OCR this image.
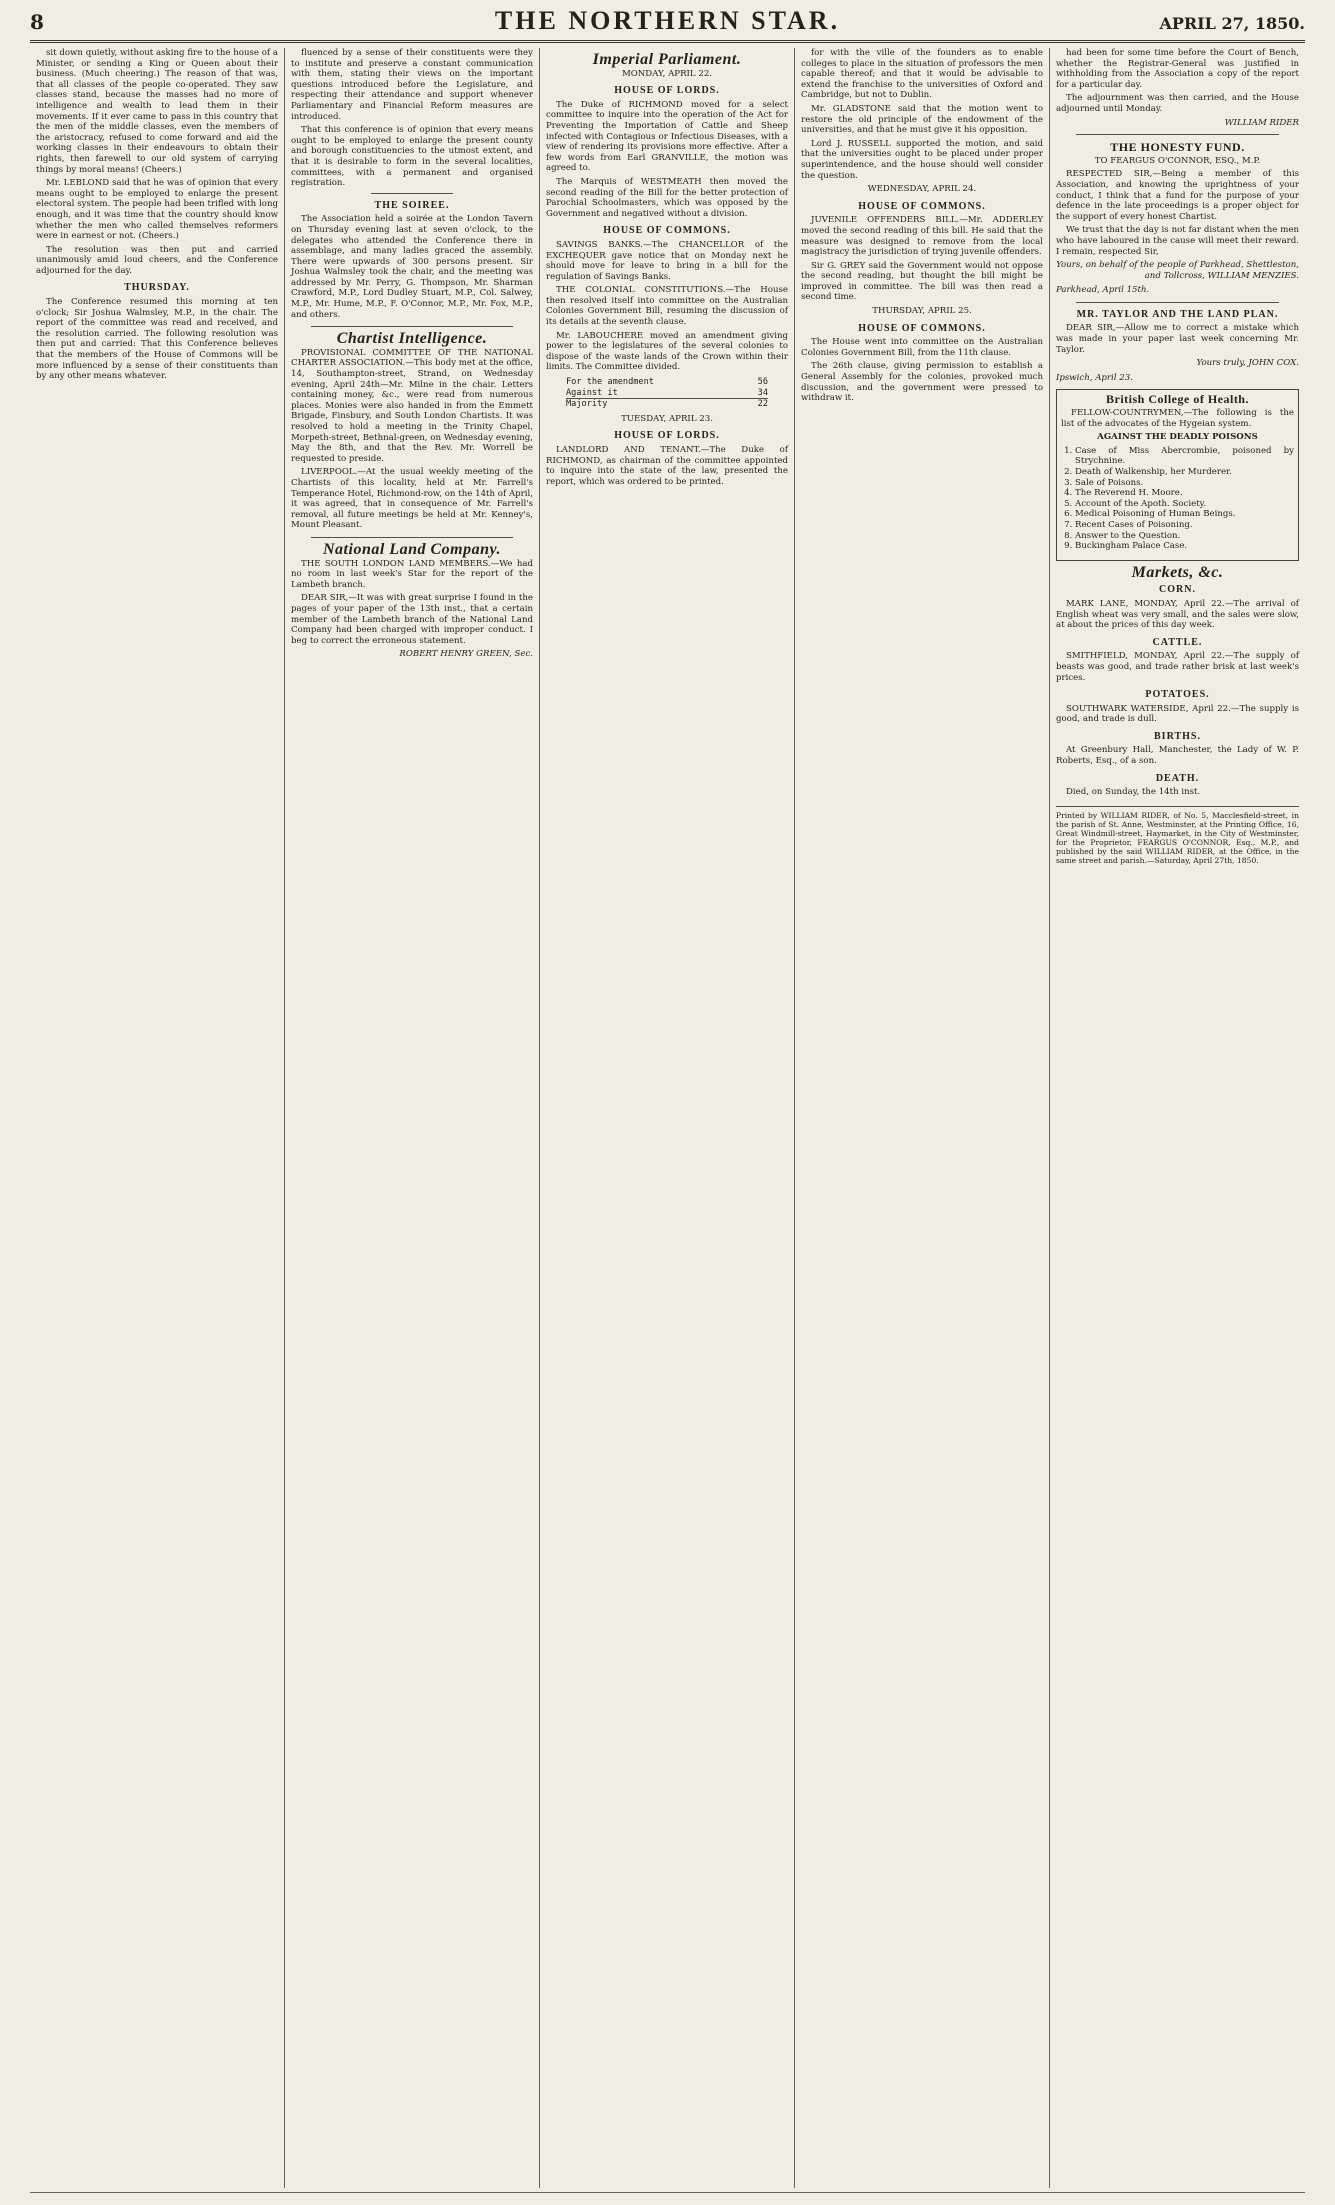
8	THE NORTHERN STAR.	APRIL 27, 1850.

sit down quietly, without asking fire to the house of a Minister, or sending a King or Queen about their business. (Much cheering.) The reason of that was, that all classes of the people co-operated. They saw classes stand, because the masses had no more of intelligence and wealth to lead them in their movements. If it ever came to pass in this country that the men of the middle classes, even the members of the aristocracy, refused to come forward and aid the working classes in their endeavours to obtain their rights, then farewell to our old system of carrying things by moral means! (Cheers.)

Mr. LEBLOND said that he was of opinion that every means ought to be employed to enlarge the present electoral system. The people had been trifled with long enough, and it was time that the country should know whether the men who called themselves reformers were in earnest or not. (Cheers.)

The resolution was then put and carried unanimously amid loud cheers, and the Conference adjourned for the day.

THURSDAY.

The Conference resumed this morning at ten o'clock; Sir Joshua Walmsley, M.P., in the chair. The report of the committee was read and received, and the resolution carried. The following resolution was then put and carried: That this Conference believes that the members of the House of Commons will be more influenced by a sense of their constituents than by any other means whatever.

fluenced by a sense of their constituents were they to institute and preserve a constant communication with them, stating their views on the important questions introduced before the Legislature, and respecting their attendance and support whenever Parliamentary and Financial Reform measures are introduced.

That this conference is of opinion that every means ought to be employed to enlarge the present county and borough constituencies to the utmost extent, and that it is desirable to form in the several localities, committees, with a permanent and organised registration.

THE SOIREE.

The Association held a soirée at the London Tavern on Thursday evening last at seven o'clock, to the delegates who attended the Conference there in assemblage, and many ladies graced the assembly. There were upwards of 300 persons present. Sir Joshua Walmsley took the chair, and the meeting was addressed by Mr. Perry, G. Thompson, Mr. Sharman Crawford, M.P., Lord Dudley Stuart, M.P., Col. Salwey, M.P., Mr. Hume, M.P., F. O'Connor, M.P., Mr. Fox, M.P., and others.

Chartist Intelligence.

PROVISIONAL COMMITTEE OF THE NATIONAL CHARTER ASSOCIATION.—This body met at the office, 14, Southampton-street, Strand, on Wednesday evening, April 24th—Mr. Milne in the chair. Letters containing money, &c., were read from numerous places. Monies were also handed in from the Emmett Brigade, Finsbury, and South London Chartists. It was resolved to hold a meeting in the Trinity Chapel, Morpeth-street, Bethnal-green, on Wednesday evening, May the 8th, and that the Rev. Mr. Worrell be requested to preside.

LIVERPOOL.—At the usual weekly meeting of the Chartists of this locality, held at Mr. Farrell's Temperance Hotel, Richmond-row, on the 14th of April, it was agreed, that in consequence of Mr. Farrell's removal, all future meetings be held at Mr. Kenney's, Mount Pleasant.

National Land Company.

THE SOUTH LONDON LAND MEMBERS.—We had no room in last week's Star for the report of the Lambeth branch.

DEAR SIR,—It was with great surprise I found in the pages of your paper of the 13th inst., that a certain member of the Lambeth branch of the National Land Company had been charged with improper conduct. I beg to correct the erroneous statement.

ROBERT HENRY GREEN, Sec.
Imperial Parliament.
MONDAY, APRIL 22.
HOUSE OF LORDS.

The Duke of RICHMOND moved for a select committee to inquire into the operation of the Act for Preventing the Importation of Cattle and Sheep infected with Contagious or Infectious Diseases, with a view of rendering its provisions more effective. After a few words from Earl GRANVILLE, the motion was agreed to.

The Marquis of WESTMEATH then moved the second reading of the Bill for the better protection of Parochial Schoolmasters, which was opposed by the Government and negatived without a division.

HOUSE OF COMMONS.

SAVINGS BANKS.—The CHANCELLOR of the EXCHEQUER gave notice that on Monday next he should move for leave to bring in a bill for the regulation of Savings Banks.

THE COLONIAL CONSTITUTIONS.—The House then resolved itself into committee on the Australian Colonies Government Bill, resuming the discussion of its details at the seventh clause.

Mr. LABOUCHERE moved an amendment giving power to the legislatures of the several colonies to dispose of the waste lands of the Crown within their limits. The Committee divided.

For the amendment	56
Against it	34
Majority	22
TUESDAY, APRIL 23.
HOUSE OF LORDS.

LANDLORD AND TENANT.—The Duke of RICHMOND, as chairman of the committee appointed to inquire into the state of the law, presented the report, which was ordered to be printed.

for with the ville of the founders as to enable colleges to place in the situation of professors the men capable thereof; and that it would be advisable to extend the franchise to the universities of Oxford and Cambridge, but not to Dublin.

Mr. GLADSTONE said that the motion went to restore the old principle of the endowment of the universities, and that he must give it his opposition.

Lord J. RUSSELL supported the motion, and said that the universities ought to be placed under proper superintendence, and the house should well consider the question.

WEDNESDAY, APRIL 24.
HOUSE OF COMMONS.

JUVENILE OFFENDERS BILL.—Mr. ADDERLEY moved the second reading of this bill. He said that the measure was designed to remove from the local magistracy the jurisdiction of trying juvenile offenders.

Sir G. GREY said the Government would not oppose the second reading, but thought the bill might be improved in committee. The bill was then read a second time.

THURSDAY, APRIL 25.
HOUSE OF COMMONS.

The House went into committee on the Australian Colonies Government Bill, from the 11th clause.

The 26th clause, giving permission to establish a General Assembly for the colonies, provoked much discussion, and the government were pressed to withdraw it.

had been for some time before the Court of Bench, whether the Registrar-General was justified in withholding from the Association a copy of the report for a particular day.

The adjournment was then carried, and the House adjourned until Monday.

WILLIAM RIDER
THE HONESTY FUND.
TO FEARGUS O'CONNOR, ESQ., M.P.

RESPECTED SIR,—Being a member of this Association, and knowing the uprightness of your conduct, I think that a fund for the purpose of your defence in the late proceedings is a proper object for the support of every honest Chartist.

We trust that the day is not far distant when the men who have laboured in the cause will meet their reward. I remain, respected Sir,

Yours, on behalf of the people of Parkhead, Shettleston, and Tollcross, WILLIAM MENZIES.
Parkhead, April 15th.
MR. TAYLOR AND THE LAND PLAN.

DEAR SIR,—Allow me to correct a mistake which was made in your paper last week concerning Mr. Taylor.

Yours truly, JOHN COX.
Ipswich, April 23.
British College of Health.

FELLOW-COUNTRYMEN,—The following is the list of the advocates of the Hygeian system.

AGAINST THE DEADLY POISONS
1. Case of Miss Abercrombie, poisoned by Strychnine.
2. Death of Walkenship, her Murderer.
3. Sale of Poisons.
4. The Reverend H. Moore.
5. Account of the Apoth. Society.
6. Medical Poisoning of Human Beings.
7. Recent Cases of Poisoning.
8. Answer to the Question.
9. Buckingham Palace Case.
Markets, &c.
CORN.

MARK LANE, MONDAY, April 22.—The arrival of English wheat was very small, and the sales were slow, at about the prices of this day week.

CATTLE.

SMITHFIELD, MONDAY, April 22.—The supply of beasts was good, and trade rather brisk at last week's prices.

POTATOES.

SOUTHWARK WATERSIDE, April 22.—The supply is good, and trade is dull.

BIRTHS.

At Greenbury Hall, Manchester, the Lady of W. P. Roberts, Esq., of a son.

DEATH.

Died, on Sunday, the 14th inst.

Printed by WILLIAM RIDER, of No. 5, Macclesfield-street, in the parish of St. Anne, Westminster, at the Printing Office, 16, Great Windmill-street, Haymarket, in the City of Westminster, for the Proprietor, FEARGUS O'CONNOR, Esq., M.P., and published by the said WILLIAM RIDER, at the Office, in the same street and parish.—Saturday, April 27th, 1850.
